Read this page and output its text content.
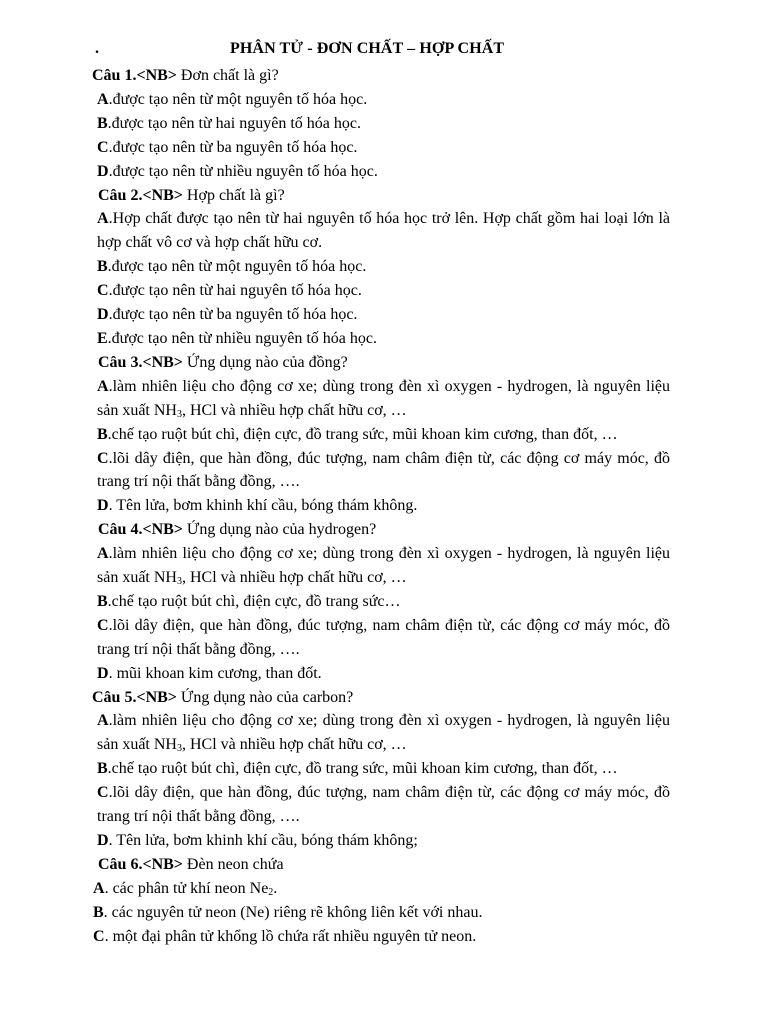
.	PHÂN TỬ - ĐƠN CHẤT – HỢP CHẤT
Câu 1.<NB> Đơn chất là gì?
A.được tạo nên từ một nguyên tố hóa học.
B.được tạo nên từ hai nguyên tố hóa học.
C.được tạo nên từ ba nguyên tố hóa học.
D.được tạo nên từ nhiều nguyên tố hóa học.
Câu 2.<NB> Hợp chất là gì?
A.Hợp chất được tạo nên từ hai nguyên tố hóa học trở lên. Hợp chất gồm hai loại lớn là hợp chất vô cơ và hợp chất hữu cơ.
B.được tạo nên từ một nguyên tố hóa học.
C.được tạo nên từ hai nguyên tố hóa học.
D.được tạo nên từ ba nguyên tố hóa học.
E.được tạo nên từ nhiều nguyên tố hóa học.
Câu 3.<NB> Ứng dụng nào của đồng?
A.làm nhiên liệu cho động cơ xe; dùng trong đèn xì oxygen - hydrogen, là nguyên liệu sản xuất $NH_3$, HCl và nhiều hợp chất hữu cơ, …
B.chế tạo ruột bút chì, điện cực, đồ trang sức, mũi khoan kim cương, than đốt, …
C.lõi dây điện, que hàn đồng, đúc tượng, nam châm điện từ, các động cơ máy móc, đồ trang trí nội thất bằng đồng, ….
D. Tên lửa, bơm khinh khí cầu, bóng thám không.
Câu 4.<NB> Ứng dụng nào của hydrogen?
A.làm nhiên liệu cho động cơ xe; dùng trong đèn xì oxygen - hydrogen, là nguyên liệu sản xuất $NH_3$, HCl và nhiều hợp chất hữu cơ, …
B.chế tạo ruột bút chì, điện cực, đồ trang sức…
C.lõi dây điện, que hàn đồng, đúc tượng, nam châm điện từ, các động cơ máy móc, đồ trang trí nội thất bằng đồng, ….
D. mũi khoan kim cương, than đốt.
Câu 5.<NB> Ứng dụng nào của carbon?
A.làm nhiên liệu cho động cơ xe; dùng trong đèn xì oxygen - hydrogen, là nguyên liệu sản xuất $NH_3$, HCl và nhiều hợp chất hữu cơ, …
B.chế tạo ruột bút chì, điện cực, đồ trang sức, mũi khoan kim cương, than đốt, …
C.lõi dây điện, que hàn đồng, đúc tượng, nam châm điện từ, các động cơ máy móc, đồ trang trí nội thất bằng đồng, ….
D. Tên lửa, bơm khinh khí cầu, bóng thám không;
Câu 6.<NB> Đèn neon chứa
A. các phân tử khí neon $Ne_2$.
B. các nguyên tử neon (Ne) riêng rẽ không liên kết với nhau.
C. một đại phân tử khổng lồ chứa rất nhiều nguyên tử neon.
